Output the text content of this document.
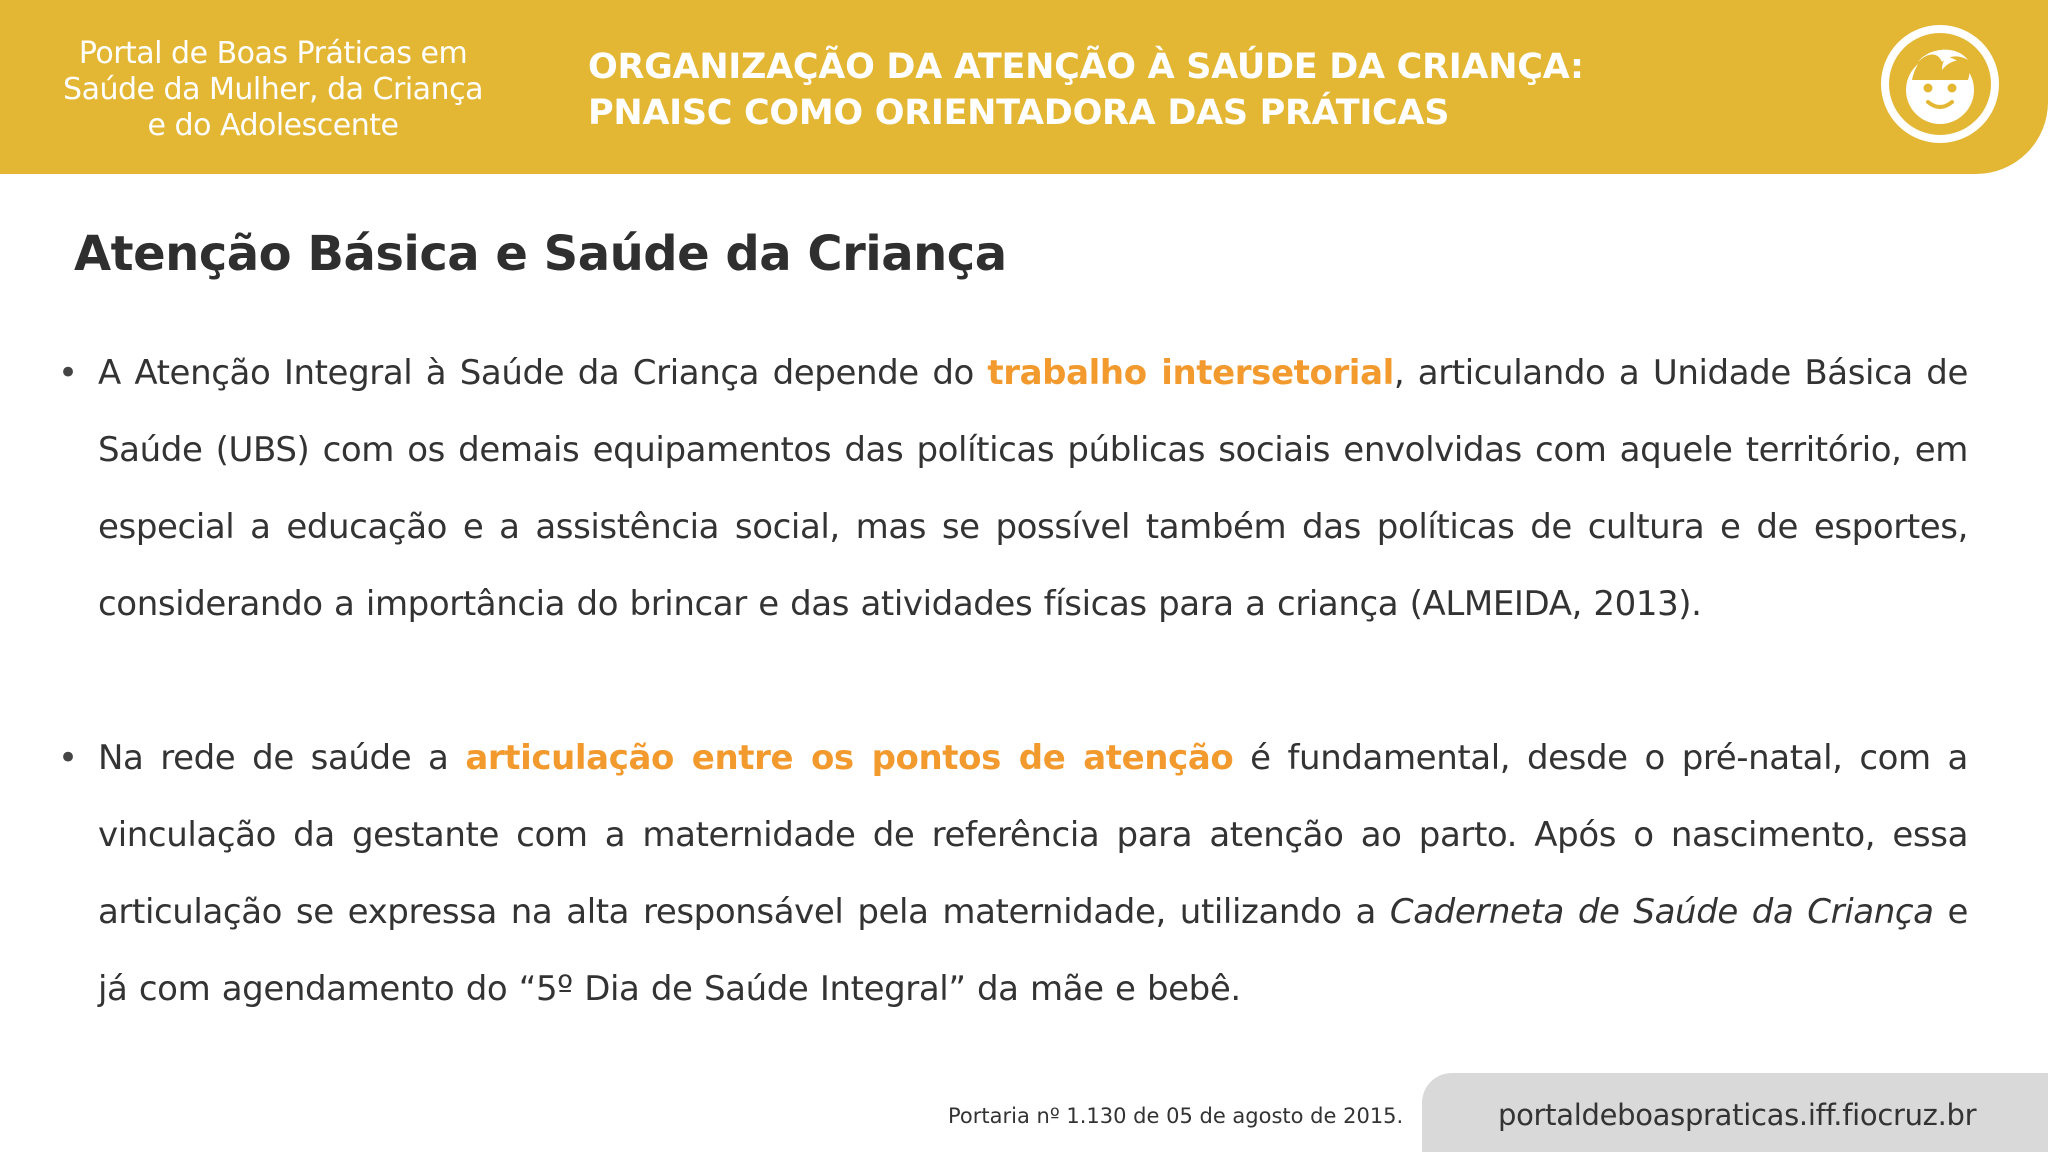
Portal de Boas Práticas em
Saúde da Mulher, da Criança
e do Adolescente
ORGANIZAÇÃO DA ATENÇÃO À SAÚDE DA CRIANÇA:
PNAISC COMO ORIENTADORA DAS PRÁTICAS
Atenção Básica e Saúde da Criança
• A Atenção Integral à Saúde da Criança depende do trabalho intersetorial, articulando a Unidade Básica de Saúde (UBS) com os demais equipamentos das políticas públicas sociais envolvidas com aquele território, em especial a educação e a assistência social, mas se possível também das políticas de cultura e de esportes, considerando a importância do brincar e das atividades físicas para a criança (ALMEIDA, 2013).
• Na rede de saúde a articulação entre os pontos de atenção é fundamental, desde o pré-natal, com a vinculação da gestante com a maternidade de referência para atenção ao parto. Após o nascimento, essa articulação se expressa na alta responsável pela maternidade, utilizando a Caderneta de Saúde da Criança e já com agendamento do “5º Dia de Saúde Integral” da mãe e bebê.
Portaria nº 1.130 de 05 de agosto de 2015.	portaldeboaspraticas.iff.fiocruz.br
